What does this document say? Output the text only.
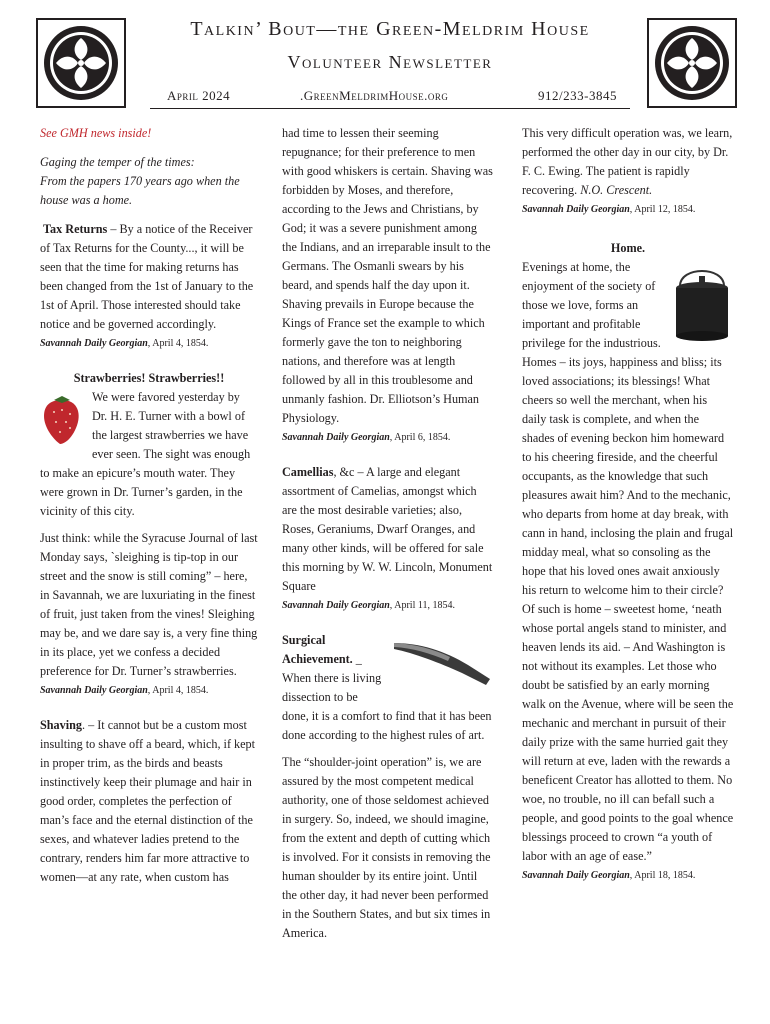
Talkin’ Bout—the Green-Meldrim House
Volunteer Newsletter
April 2024	.GreenMeldrimHouse.org	912/233-3845

See GMH news inside!

Gaging the temper of the times:

From the papers 170 years ago when the house was a home.

Tax Returns – By a notice of the Receiver of Tax Returns for the County..., it will be seen that the time for making returns has been changed from the 1st of January to the 1st of April. Those interested should take notice and be governed accordingly.

Savannah Daily Georgian, April 4, 1854.

Strawberries! Strawberries!!

We were favored yesterday by Dr. H. E. Turner with a bowl of the largest strawberries we have ever seen. The sight was enough to make an epicure’s mouth water. They were grown in Dr. Turner’s garden, in the vicinity of this city.

Just think: while the Syracuse Journal of last Monday says, `sleighing is tip-top in our street and the snow is still coming” – here, in Savannah, we are luxuriating in the finest of fruit, just taken from the vines! Sleighing may be, and we dare say is, a very fine thing in its place, yet we confess a decided preference for Dr. Turner’s strawberries.

Savannah Daily Georgian, April 4, 1854.

Shaving. – It cannot but be a custom most insulting to shave off a beard, which, if kept in proper trim, as the birds and beasts instinctively keep their plumage and hair in good order, completes the perfection of man’s face and the eternal distinction of the sexes, and whatever ladies pretend to the contrary, renders him far more attractive to women—at any rate, when custom has

had time to lessen their seeming repugnance; for their preference to men with good whiskers is certain. Shaving was forbidden by Moses, and therefore, according to the Jews and Christians, by God; it was a severe punishment among the Indians, and an irreparable insult to the Germans. The Osmanli swears by his beard, and spends half the day upon it. Shaving prevails in Europe because the Kings of France set the example to which formerly gave the ton to neighboring nations, and therefore was at length followed by all in this troublesome and unmanly fashion. Dr. Elliotson’s Human Physiology.

Savannah Daily Georgian, April 6, 1854.

Camellias, &c – A large and elegant assortment of Camelias, amongst which are the most desirable varieties; also, Roses, Geraniums, Dwarf Oranges, and many other kinds, will be offered for sale this morning by W. W. Lincoln, Monument Square

Savannah Daily Georgian, April 11, 1854.

Surgical Achievement. _ When there is living dissection to be done, it is a comfort to find that it has been done according to the highest rules of art.

The “shoulder-joint operation” is, we are assured by the most competent medical authority, one of those seldomest achieved in surgery. So, indeed, we should imagine, from the extent and depth of cutting which is involved. For it consists in removing the human shoulder by its entire joint. Until the other day, it had never been performed in the Southern States, and but six times in America.

This very difficult operation was, we learn, performed the other day in our city, by Dr. F. C. Ewing. The patient is rapidly recovering. N.O. Crescent.

Savannah Daily Georgian, April 12, 1854.

Home.

Evenings at home, the enjoyment of the society of those we love, forms an important and profitable privilege for the industrious. Homes – its joys, happiness and bliss; its loved associations; its blessings! What cheers so well the merchant, when his daily task is complete, and when the shades of evening beckon him homeward to his cheering fireside, and the cheerful occupants, as the knowledge that such pleasures await him? And to the mechanic, who departs from home at day break, with cann in hand, inclosing the plain and frugal midday meal, what so consoling as the hope that his loved ones await anxiously his return to welcome him to their circle? Of such is home – sweetest home, ‘neath whose portal angels stand to minister, and heaven lends its aid. – And Washington is not without its examples. Let those who doubt be satisfied by an early morning walk on the Avenue, where will be seen the mechanic and merchant in pursuit of their daily prize with the same hurried gait they will return at eve, laden with the rewards a beneficent Creator has allotted to them. No woe, no trouble, no ill can befall such a people, and good points to the goal whence blessings proceed to crown “a youth of labor with an age of ease.”

Savannah Daily Georgian, April 18, 1854.
